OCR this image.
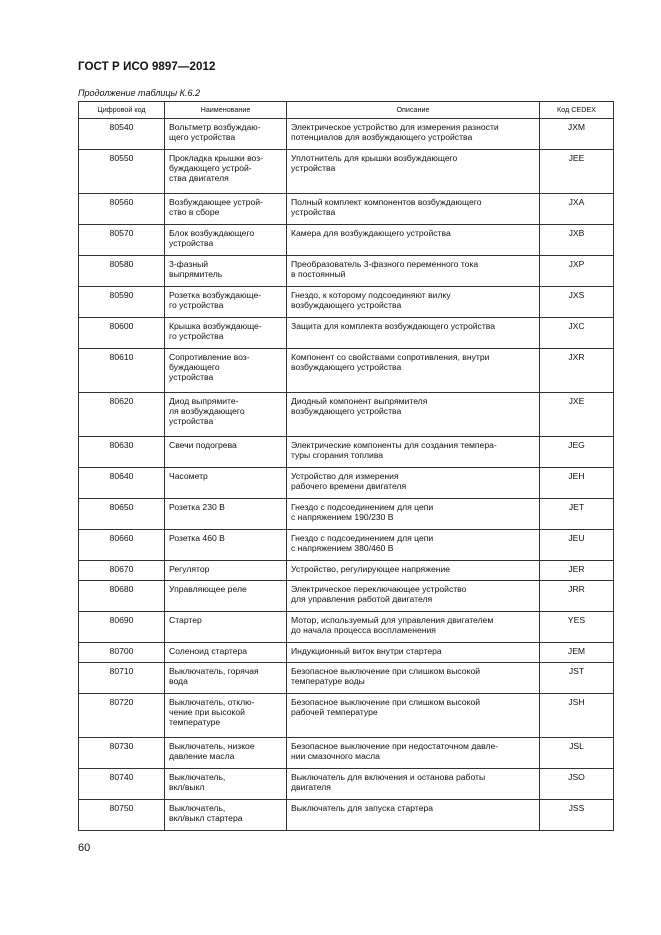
ГОСТ Р ИСО 9897—2012
Продолжение таблицы К.6.2
Цифровой код	Наименование	Описание	Код CEDEX
80540	Вольтметр возбуждаю-
щего устройства	Электрическое устройство для измерения разности
потенциалов для возбуждающего устройства	JXM
80550	Прокладка крышки воз-
буждающего устрой-
ства двигателя	Уплотнитель для крышки возбуждающего
устройства	JEE
80560	Возбуждающее устрой-
ство в сборе	Полный комплект компонентов возбуждающего
устройства	JXA
80570	Блок возбуждающего
устройства	Камера для возбуждающего устройства	JXB
80580	3-фазный
выпрямитель	Преобразователь 3-фазного переменного тока
в постоянный	JXP
80590	Розетка возбуждающе-
го устройства	Гнездо, к которому подсоединяют вилку
возбуждающего устройства	JXS
80600	Крышка возбуждающе-
го устройства	Защита для комплекта возбуждающего устройства	JXC
80610	Сопротивление воз-
буждающего
устройства	Компонент со свойствами сопротивления, внутри
возбуждающего устройства	JXR
80620	Диод выпрямите-
ля возбуждающего
устройства	Диодный компонент выпрямителя
возбуждающего устройства	JXE
80630	Свечи подогрева	Электрические компоненты для создания темпера-
туры сгорания топлива	JEG
80640	Часометр	Устройство для измерения
рабочего времени двигателя	JEH
80650	Розетка 230 В	Гнездо с подсоединением для цепи
с напряжением 190/230 В	JET
80660	Розетка 460 В	Гнездо с подсоединением для цепи
с напряжением 380/460 В	JEU
80670	Регулятор	Устройство, регулирующее напряжение	JER
80680	Управляющее реле	Электрическое переключающее устройство
для управления работой двигателя	JRR
80690	Стартер	Мотор, используемый для управления двигателем
до начала процесса воспламенения	YES
80700	Соленоид стартера	Индукционный виток внутри стартера	JEM
80710	Выключатель, горячая
вода	Безопасное выключение при слишком высокой
температуре воды	JST
80720	Выключатель, отклю-
чение при высокой
температуре	Безопасное выключение при слишком высокой
рабочей температуре	JSH
80730	Выключатель, низкое
давление масла	Безопасное выключение при недостаточном давле-
нии смазочного масла	JSL
80740	Выключатель,
вкл/выкл	Выключатель для включения и останова работы
двигателя	JSO
80750	Выключатель,
вкл/выкл стартера	Выключатель для запуска стартера	JSS
60
